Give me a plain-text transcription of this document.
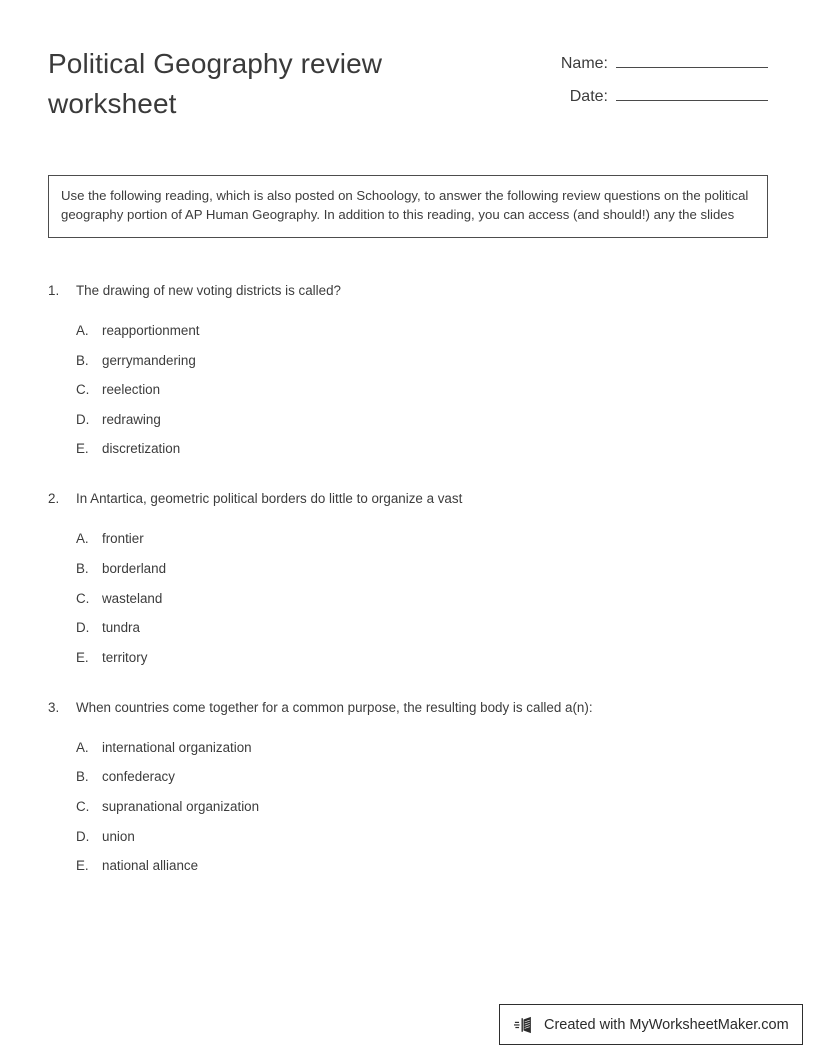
Political Geography review worksheet
Name:
Date:

Use the following reading, which is also posted on Schoology, to answer the following review questions on the political geography portion of AP Human Geography. In addition to this reading, you can access (and should!) any the slides

1.	The drawing of new voting districts is called?
A. reapportionment
B. gerrymandering
C. reelection
D. redrawing
E. discretization
2.	In Antartica, geometric political borders do little to organize a vast
A. frontier
B. borderland
C. wasteland
D. tundra
E. territory
3.	When countries come together for a common purpose, the resulting body is called a(n):
A. international organization
B. confederacy
C. supranational organization
D. union
E. national alliance
Created with MyWorksheetMaker.com
